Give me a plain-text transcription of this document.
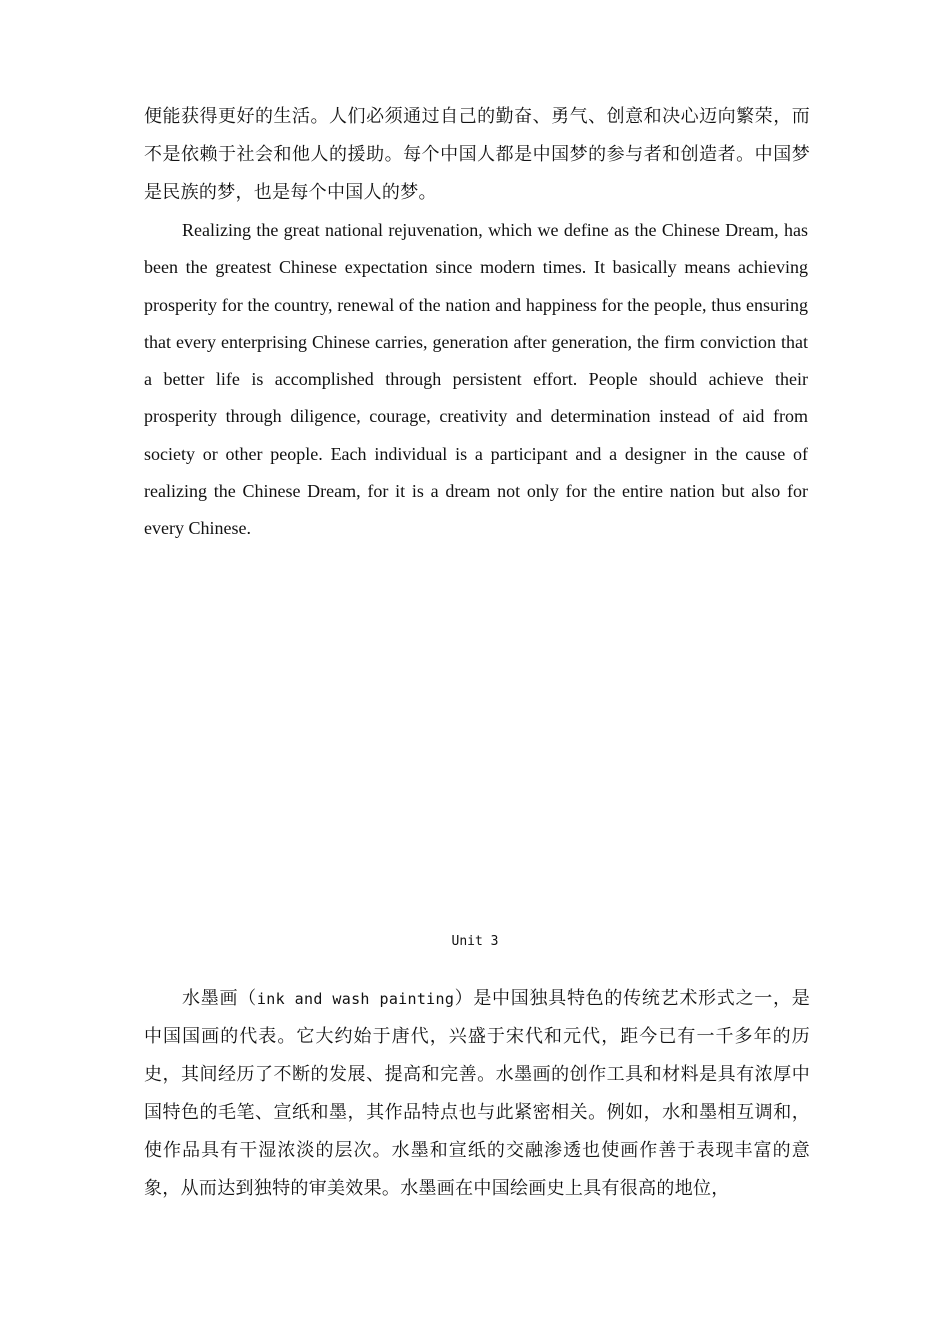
便能获得更好的生活。人们必须通过自己的勤奋、勇气、创意和决心迈向繁荣，而不是依赖于社会和他人的援助。每个中国人都是中国梦的参与者和创造者。中国梦是民族的梦，也是每个中国人的梦。

Realizing the great national rejuvenation, which we define as the Chinese Dream, has been the greatest Chinese expectation since modern times. It basically means achieving prosperity for the country, renewal of the nation and happiness for the people, thus ensuring that every enterprising Chinese carries, generation after generation, the firm conviction that a better life is accomplished through persistent effort. People should achieve their prosperity through diligence, courage, creativity and determination instead of aid from society or other people. Each individual is a participant and a designer in the cause of realizing the Chinese Dream, for it is a dream not only for the entire nation but also for every Chinese.

Unit 3

水墨画（ink and wash painting）是中国独具特色的传统艺术形式之一，是中国国画的代表。它大约始于唐代，兴盛于宋代和元代，距今已有一千多年的历史，其间经历了不断的发展、提高和完善。水墨画的创作工具和材料是具有浓厚中国特色的毛笔、宣纸和墨，其作品特点也与此紧密相关。例如，水和墨相互调和，使作品具有干湿浓淡的层次。水墨和宣纸的交融渗透也使画作善于表现丰富的意象，从而达到独特的审美效果。水墨画在中国绘画史上具有很高的地位，
